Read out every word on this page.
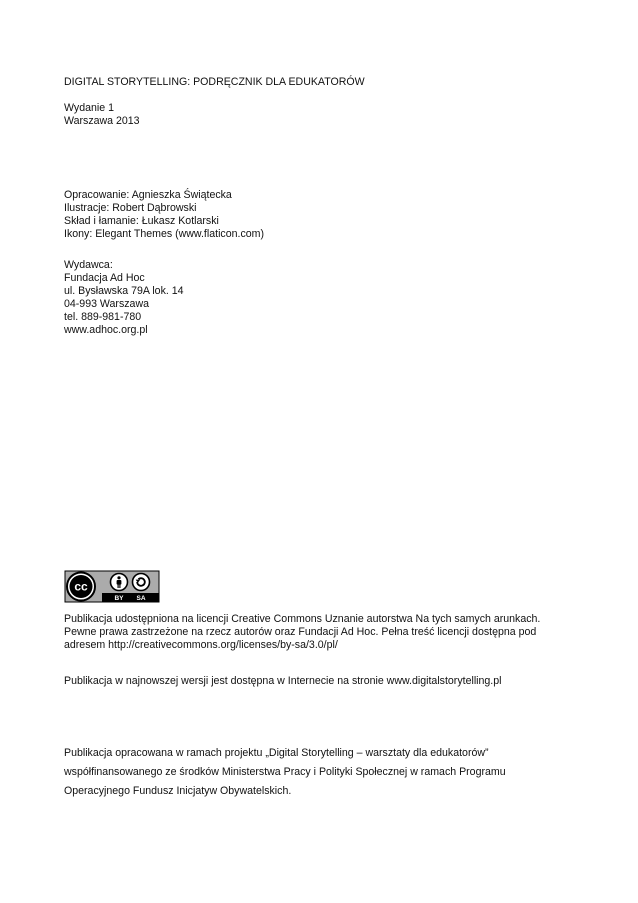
DIGITAL STORYTELLING: PODRĘCZNIK DLA EDUKATORÓW
Wydanie 1
Warszawa 2013
Opracowanie: Agnieszka Świątecka
Ilustracje: Robert Dąbrowski
Skład i łamanie: Łukasz Kotlarski
Ikony: Elegant Themes (www.flaticon.com)
Wydawca:
Fundacja Ad Hoc
ul. Bysławska 79A lok. 14
04-993 Warszawa
tel. 889-981-780
www.adhoc.org.pl
cc
BY SA
Publikacja udostępniona na licencji Creative Commons Uznanie autorstwa Na tych samych arunkach.
Pewne prawa zastrzeżone na rzecz autorów oraz Fundacji Ad Hoc. Pełna treść licencji dostępna pod
adresem http://creativecommons.org/licenses/by-sa/3.0/pl/
Publikacja w najnowszej wersji jest dostępna w Internecie na stronie www.digitalstorytelling.pl
Publikacja opracowana w ramach projektu „Digital Storytelling – warsztaty dla edukatorów”
współfinansowanego ze środków Ministerstwa Pracy i Polityki Społecznej w ramach Programu
Operacyjnego Fundusz Inicjatyw Obywatelskich.
